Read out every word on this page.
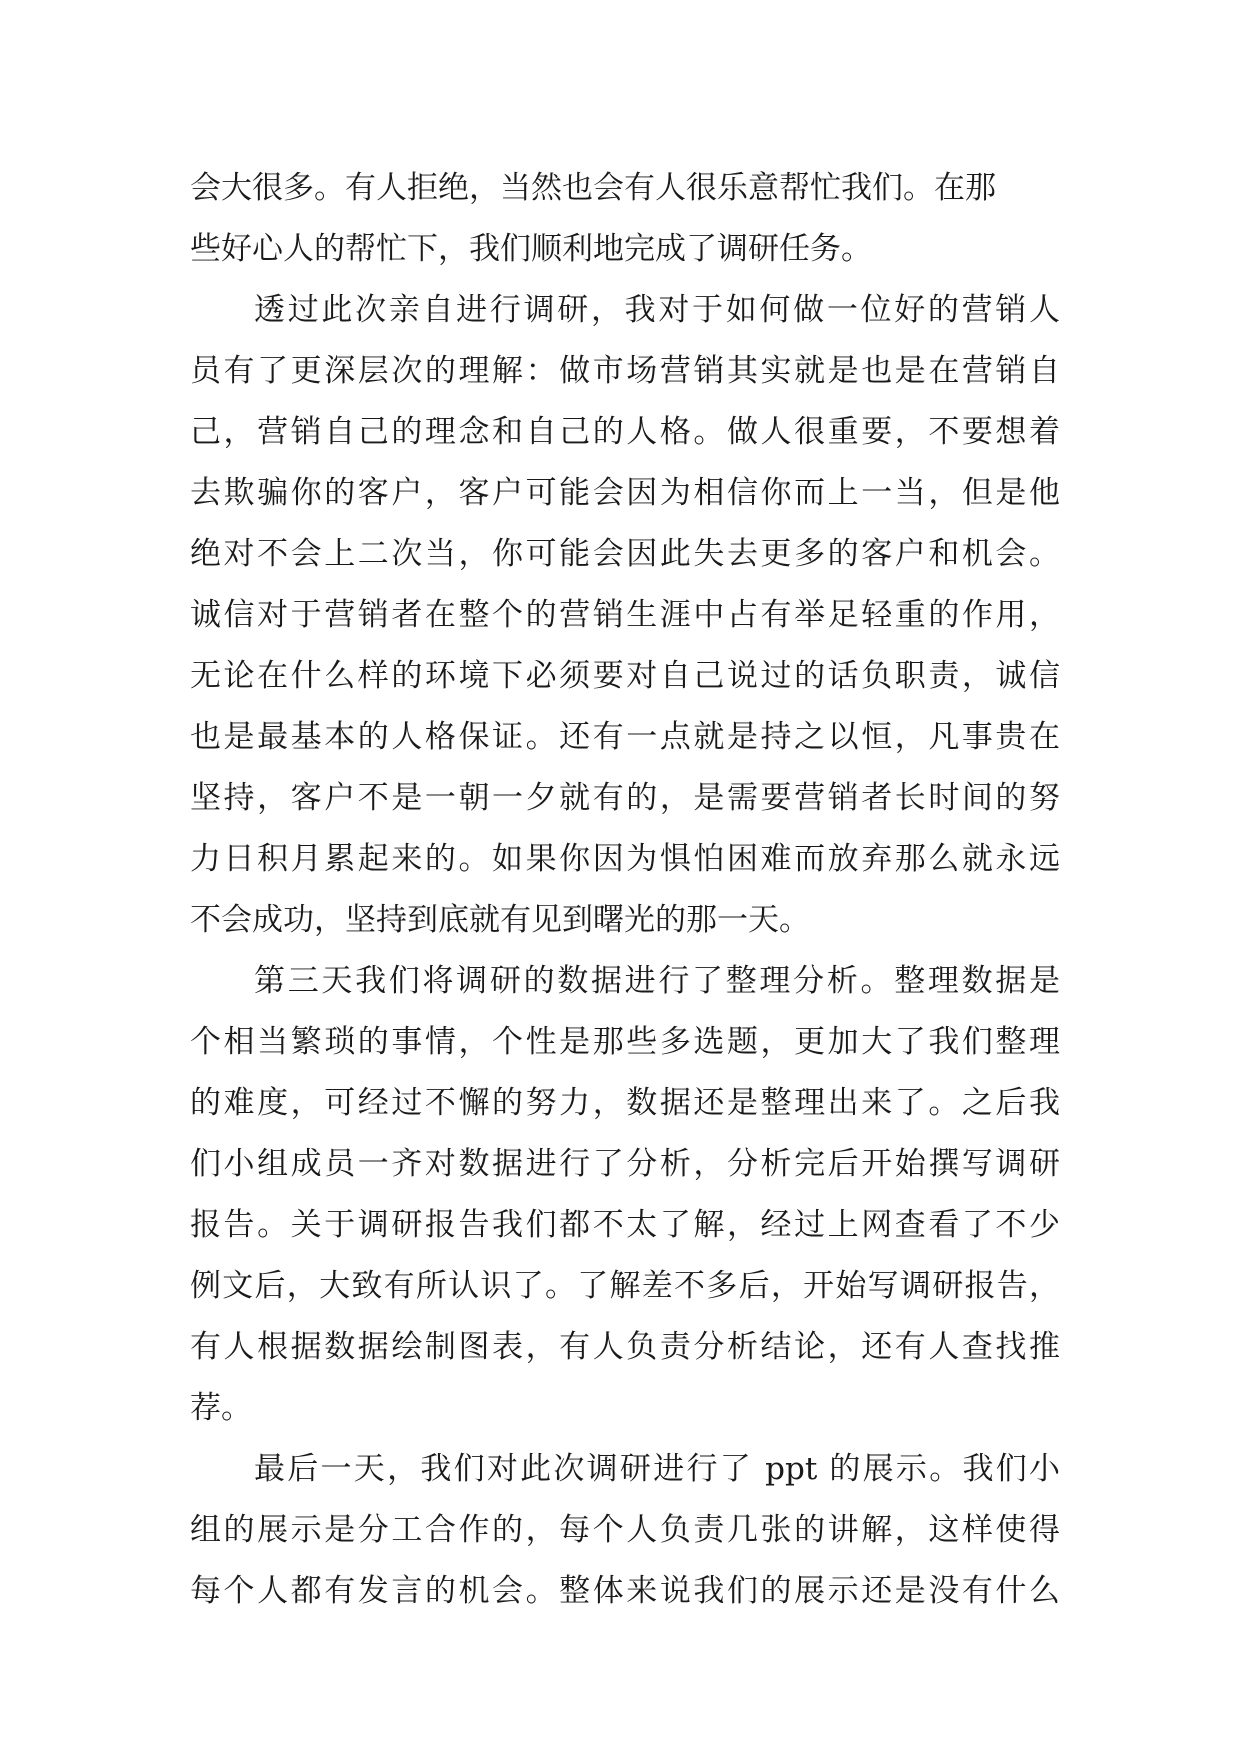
会大很多。有人拒绝，当然也会有人很乐意帮忙我们。在那
些好心人的帮忙下，我们顺利地完成了调研任务。
透过此次亲自进行调研，我对于如何做一位好的营销人
员有了更深层次的理解：做市场营销其实就是也是在营销自
己，营销自己的理念和自己的人格。做人很重要，不要想着
去欺骗你的客户，客户可能会因为相信你而上一当，但是他
绝对不会上二次当，你可能会因此失去更多的客户和机会。
诚信对于营销者在整个的营销生涯中占有举足轻重的作用，
无论在什么样的环境下必须要对自己说过的话负职责，诚信
也是最基本的人格保证。还有一点就是持之以恒，凡事贵在
坚持，客户不是一朝一夕就有的，是需要营销者长时间的努
力日积月累起来的。如果你因为惧怕困难而放弃那么就永远
不会成功，坚持到底就有见到曙光的那一天。
第三天我们将调研的数据进行了整理分析。整理数据是
个相当繁琐的事情，个性是那些多选题，更加大了我们整理
的难度，可经过不懈的努力，数据还是整理出来了。之后我
们小组成员一齐对数据进行了分析，分析完后开始撰写调研
报告。关于调研报告我们都不太了解，经过上网查看了不少
例文后，大致有所认识了。了解差不多后，开始写调研报告，
有人根据数据绘制图表，有人负责分析结论，还有人查找推
荐。
最后一天，我们对此次调研进行了 ppt 的展示。我们小
组的展示是分工合作的，每个人负责几张的讲解，这样使得
每个人都有发言的机会。整体来说我们的展示还是没有什么
